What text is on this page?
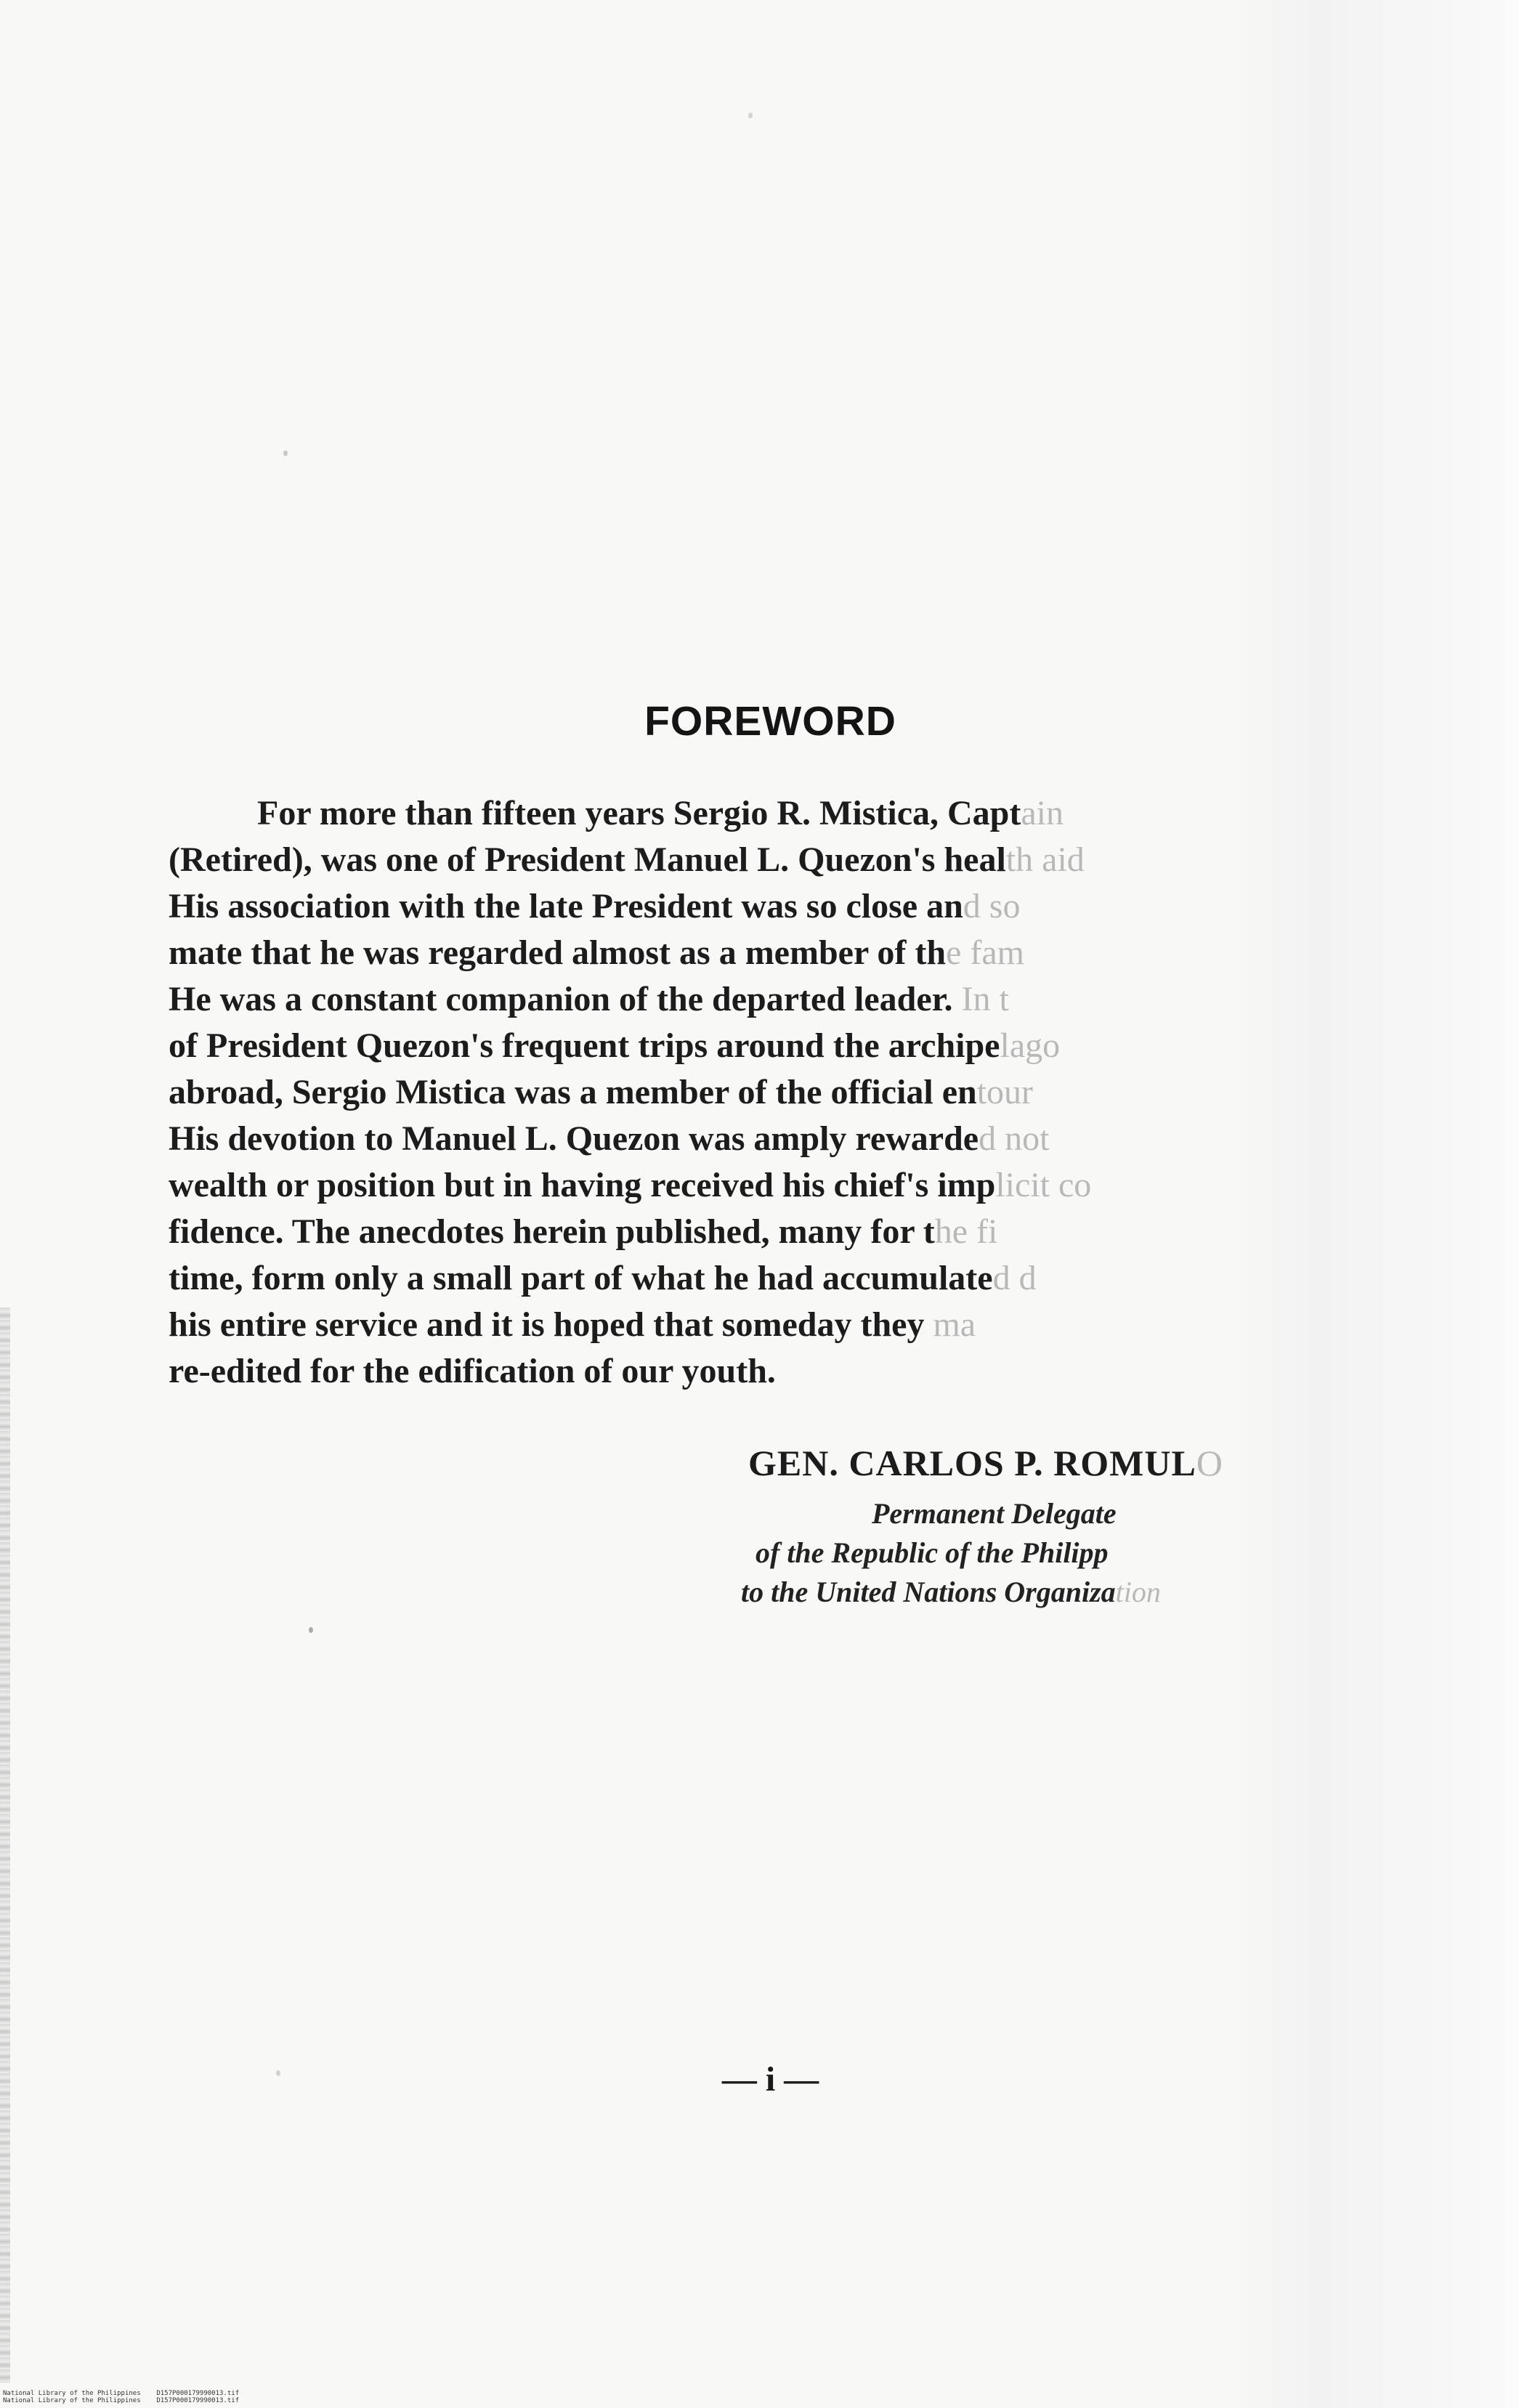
FOREWORD
For more than fifteen years Sergio R. Mistica, Captain
(Retired), was one of President Manuel L. Quezon's health aid
His association with the late President was so close and so
mate that he was regarded almost as a member of the fam
He was a constant companion of the departed leader. In t
of President Quezon's frequent trips around the archipelago
abroad, Sergio Mistica was a member of the official entour
His devotion to Manuel L. Quezon was amply rewarded not
wealth or position but in having received his chief's implicit co
fidence. The anecdotes herein published, many for the fi
time, form only a small part of what he had accumulated d
his entire service and it is hoped that someday they ma
re-edited for the edification of our youth.
GEN. CARLOS P. ROMULO
Permanent Delegate
of the Republic of the Philipp
to the United Nations Organization
— i —
National Library of the Philippines    D157P000179990013.tif
National Library of the Philippines    D157P000179990013.tif
